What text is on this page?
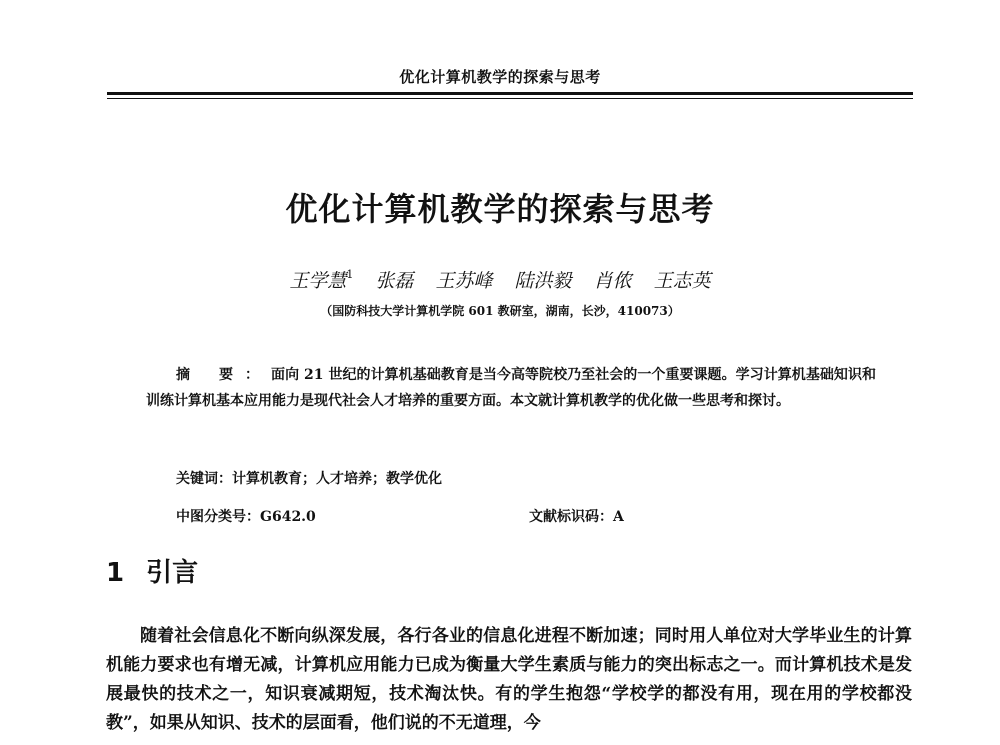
优化计算机教学的探索与思考
优化计算机教学的探索与思考
王学慧$^1$ 张磊 王苏峰 陆洪毅 肖侬 王志英
（国防科技大学计算机学院 601 教研室，湖南，长沙，410073）
摘 要：面向 21 世纪的计算机基础教育是当今高等院校乃至社会的一个重要课题。学习计算机基础知识和训练计算机基本应用能力是现代社会人才培养的重要方面。本文就计算机教学的优化做一些思考和探讨。
关键词：计算机教育；人才培养；教学优化
中图分类号：G642.0	文献标识码：A
1 引言
随着社会信息化不断向纵深发展，各行各业的信息化进程不断加速；同时用人单位对大学毕业生的计算机能力要求也有增无减，计算机应用能力已成为衡量大学生素质与能力的突出标志之一。而计算机技术是发展最快的技术之一，知识衰减期短，技术淘汰快。有的学生抱怨“学校学的都没有用，现在用的学校都没教”，如果从知识、技术的层面看，他们说的不无道理，今
